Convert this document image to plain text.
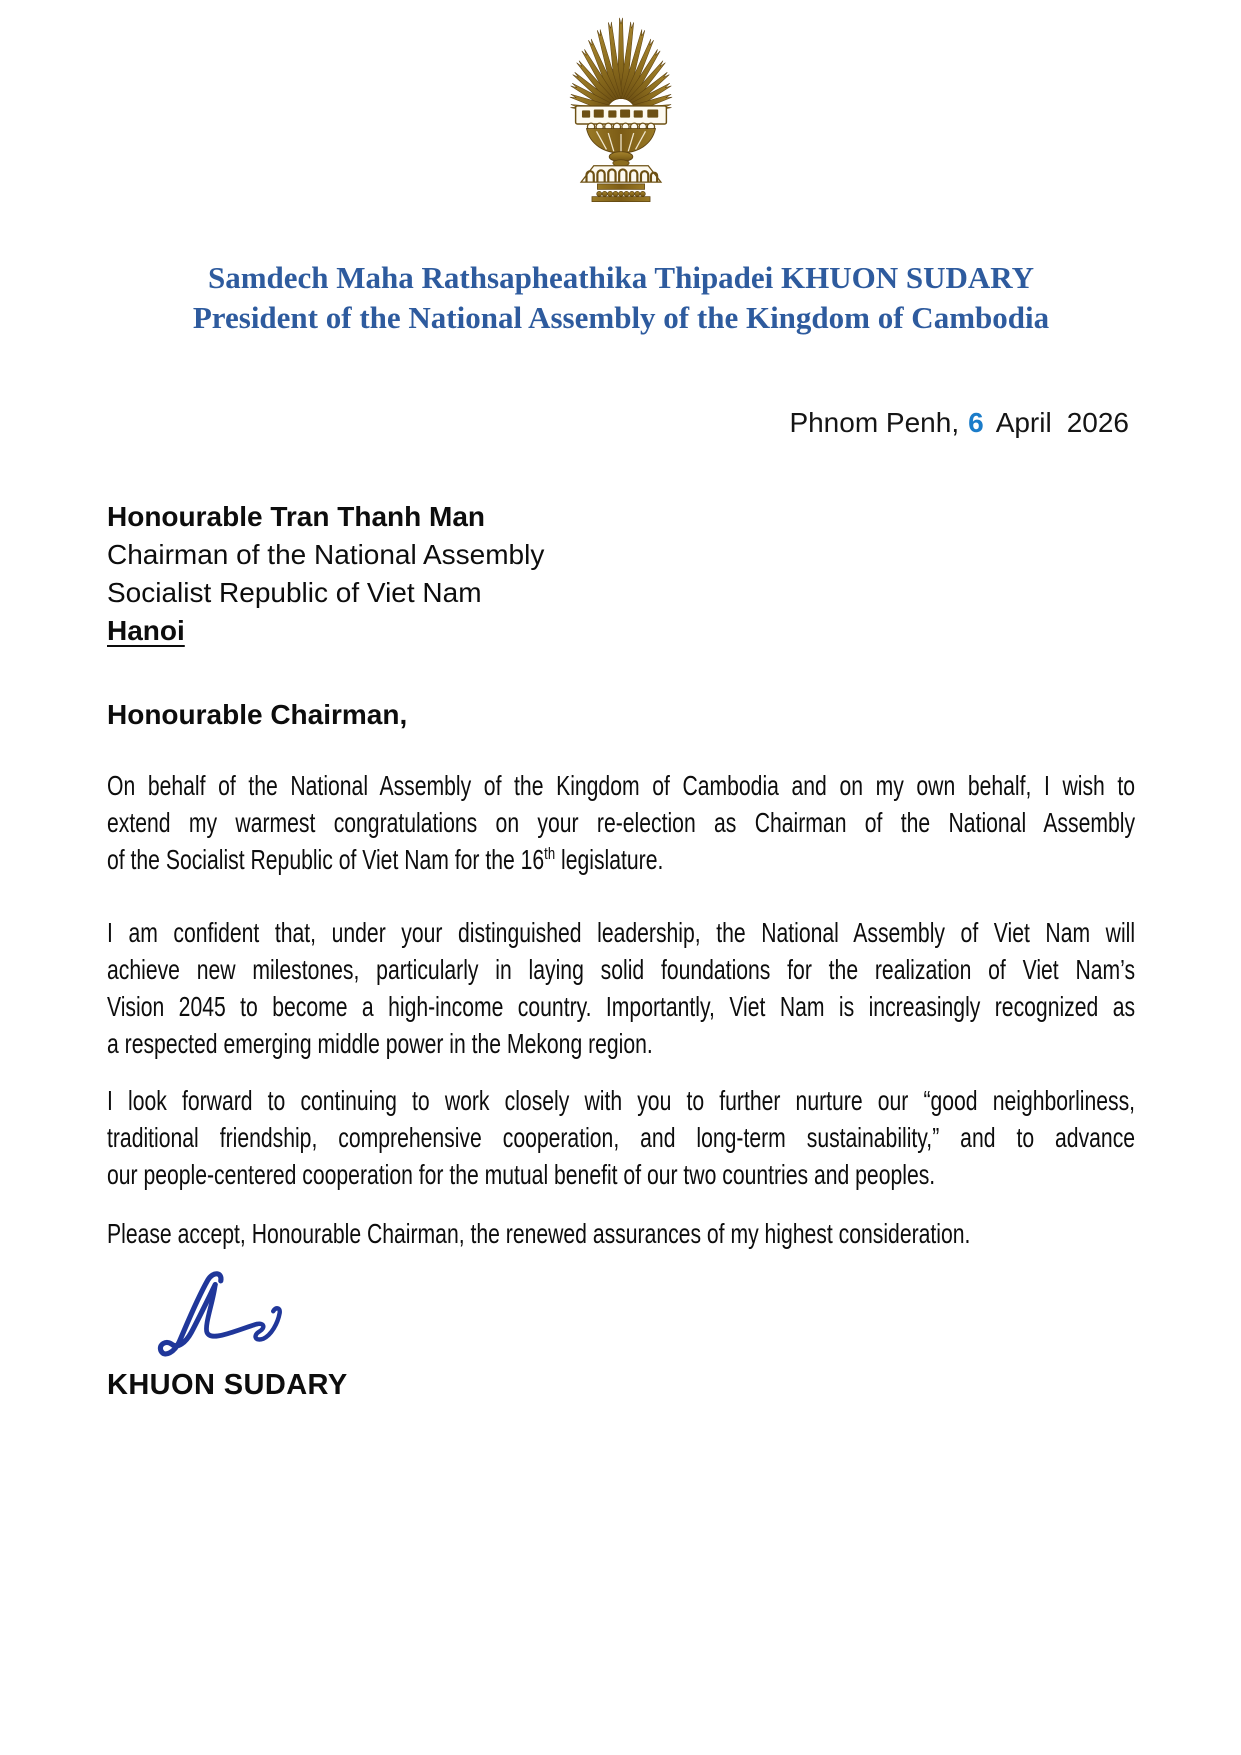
Samdech Maha Rathsapheathika Thipadei KHUON SUDARY
President of the National Assembly of the Kingdom of Cambodia
Phnom Penh, 6 April 2026
Honourable Tran Thanh Man
Chairman of the National Assembly
Socialist Republic of Viet Nam
Hanoi
Honourable Chairman,
On behalf of the National Assembly of the Kingdom of Cambodia and on my own behalf, I wish to
extend my warmest congratulations on your re-election as Chairman of the National Assembly
of the Socialist Republic of Viet Nam for the 16th legislature.
I am confident that, under your distinguished leadership, the National Assembly of Viet Nam will
achieve new milestones, particularly in laying solid foundations for the realization of Viet Nam’s
Vision 2045 to become a high-income country. Importantly, Viet Nam is increasingly recognized as
a respected emerging middle power in the Mekong region.
I look forward to continuing to work closely with you to further nurture our “good neighborliness,
traditional friendship, comprehensive cooperation, and long-term sustainability,” and to advance
our people-centered cooperation for the mutual benefit of our two countries and peoples.
Please accept, Honourable Chairman, the renewed assurances of my highest consideration.
KHUON SUDARY
